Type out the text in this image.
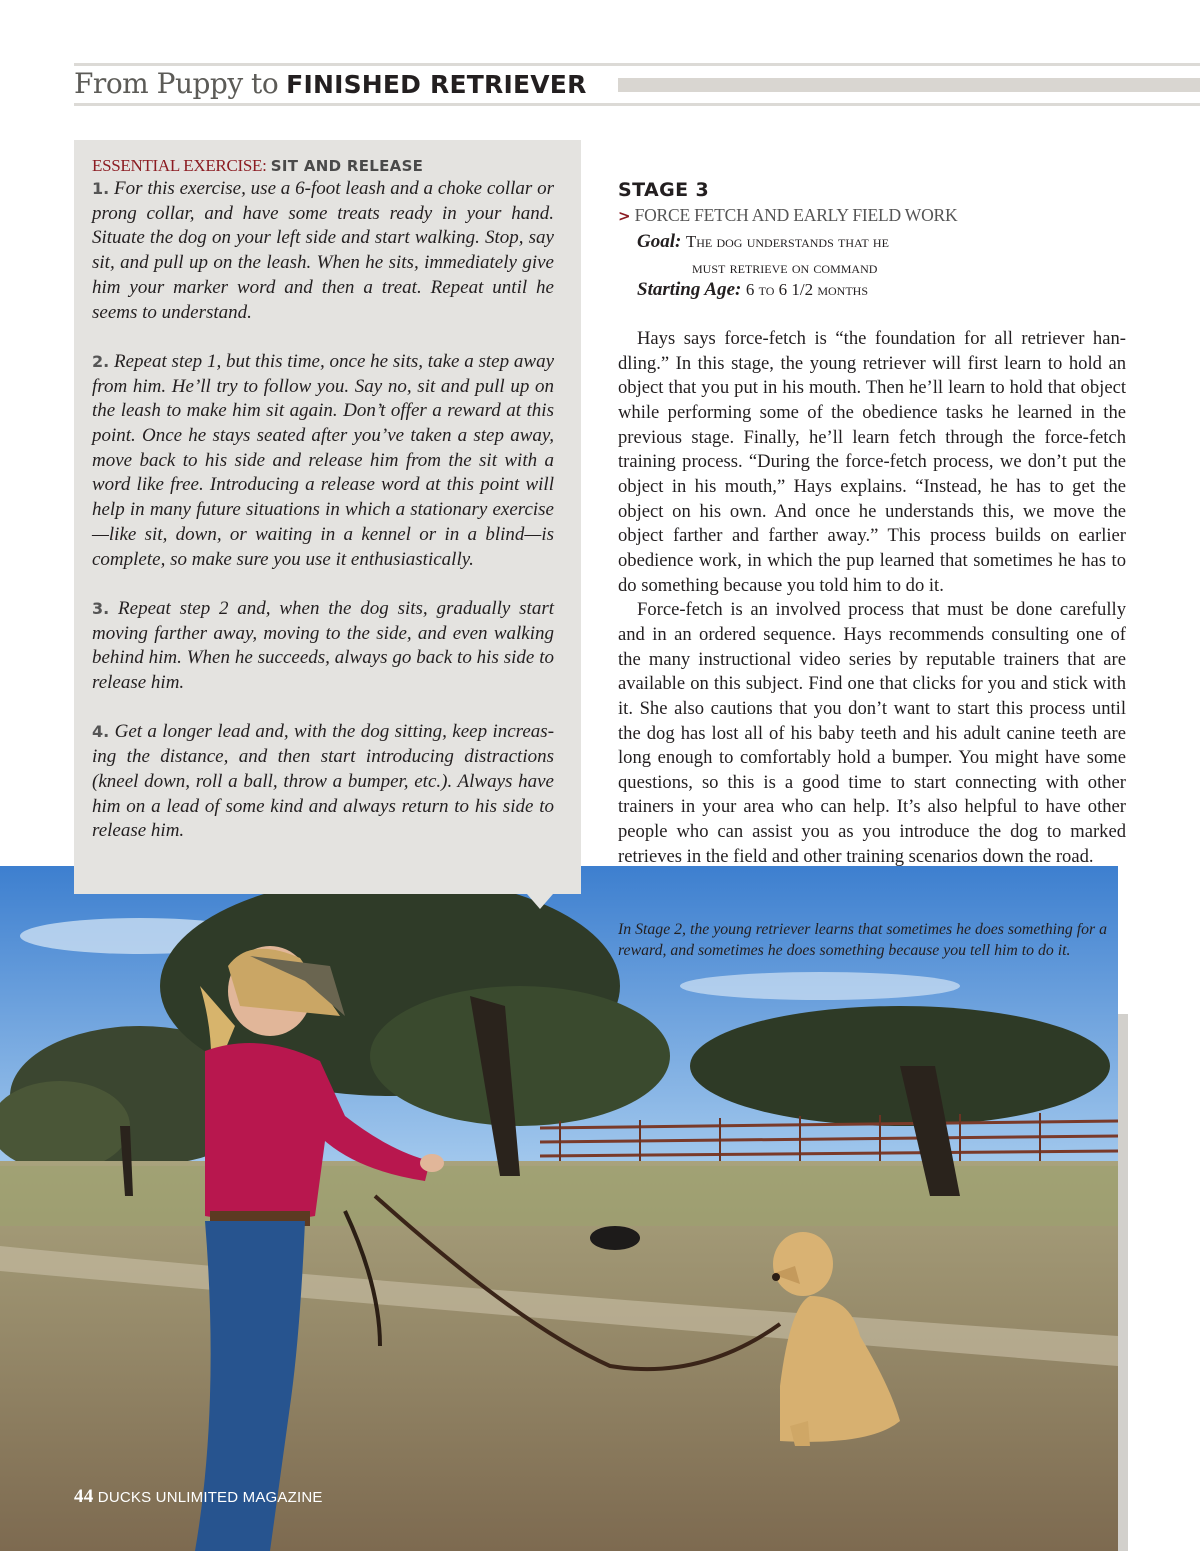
From Puppy to FINISHED RETRIEVER
ESSENTIAL EXERCISE: SIT AND RELEASE

1. For this exercise, use a 6-foot leash and a choke collar or prong collar, and have some treats ready in your hand. Situate the dog on your left side and start walking. Stop, say sit, and pull up on the leash. When he sits, immediately give him your marker word and then a treat. Repeat until he seems to understand.

2. Repeat step 1, but this time, once he sits, take a step away from him. He’ll try to follow you. Say no, sit and pull up on the leash to make him sit again. Don’t offer a reward at this point. Once he stays seated after you’ve taken a step away, move back to his side and release him from the sit with a word like free. Introducing a release word at this point will help in many future situations in which a stationary exercise—like sit, down, or waiting in a kennel or in a blind—is complete, so make sure you use it enthusiastically.

3. Repeat step 2 and, when the dog sits, gradually start moving farther away, moving to the side, and even walking behind him. When he succeeds, always go back to his side to release him.

4. Get a longer lead and, with the dog sitting, keep increasing the distance, and then start introducing distractions (kneel down, roll a ball, throw a bumper, etc.). Always have him on a lead of some kind and always return to his side to release him.

STAGE 3
> FORCE FETCH AND EARLY FIELD WORK
Goal: The dog understands that he
must retrieve on command
Starting Age: 6 to 6 1/2 months

Hays says force-fetch is “the foundation for all retriever handling.” In this stage, the young retriever will first learn to hold an object that you put in his mouth. Then he’ll learn to hold that object while performing some of the obedience tasks he learned in the previous stage. Finally, he’ll learn fetch through the force-fetch training process. “During the force-fetch process, we don’t put the object in his mouth,” Hays explains. “Instead, he has to get the object on his own. And once he understands this, we move the object farther and farther away.” This process builds on earlier obedience work, in which the pup learned that sometimes he has to do something because you told him to do it.

Force-fetch is an involved process that must be done carefully and in an ordered sequence. Hays recommends consulting one of the many instructional video series by reputable trainers that are available on this subject. Find one that clicks for you and stick with it. She also cautions that you don’t want to start this process until the dog has lost all of his baby teeth and his adult canine teeth are long enough to comfortably hold a bumper. You might have some questions, so this is a good time to start connecting with other trainers in your area who can help. It’s also helpful to have other people who can assist you as you introduce the dog to marked retrieves in the field and other training scenarios down the road.

In Stage 2, the young retriever learns that sometimes he does something for a reward, and sometimes he does something because you tell him to do it.
44 DUCKS UNLIMITED MAGAZINE
